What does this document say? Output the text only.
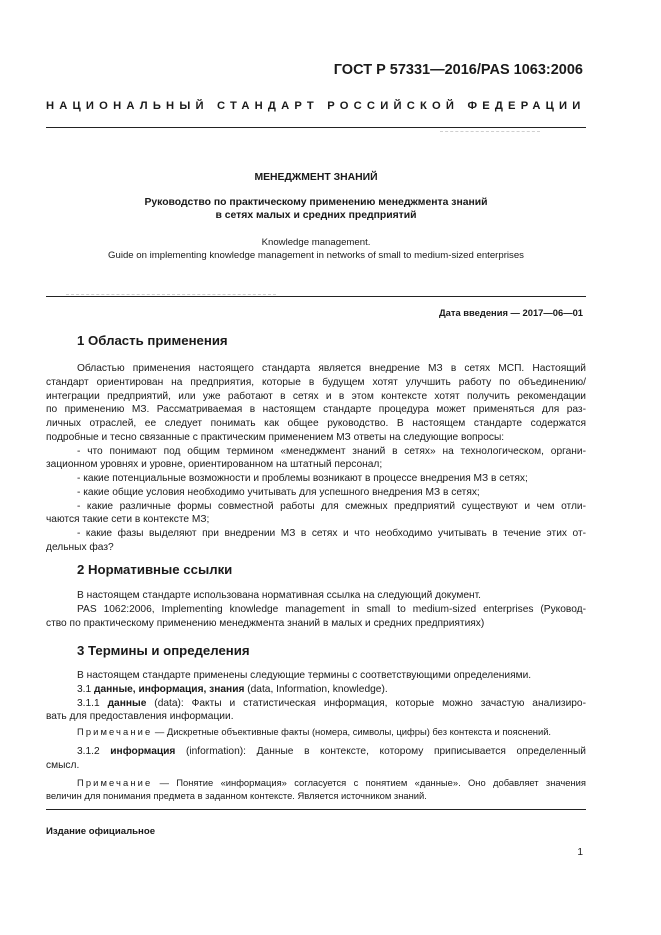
ГОСТ Р 57331—2016/PAS 1063:2006
НАЦИОНАЛЬНЫЙ СТАНДАРТ РОССИЙСКОЙ ФЕДЕРАЦИИ
МЕНЕДЖМЕНТ ЗНАНИЙ
Руководство по практическому применению менеджмента знаний
в сетях малых и средних предприятий
Knowledge management.
Guide on implementing knowledge management in networks of small to medium-sized enterprises
Дата введения — 2017—06—01
1 Область применения
Областью применения настоящего стандарта является внедрение МЗ в сетях МСП. Настоящий
стандарт ориентирован на предприятия, которые в будущем хотят улучшить работу по объединению/
интеграции предприятий, или уже работают в сетях и в этом контексте хотят получить рекомендации
по применению МЗ. Рассматриваемая в настоящем стандарте процедура может применяться для раз-
личных отраслей, ее следует понимать как общее руководство. В настоящем стандарте содержатся
подробные и тесно связанные с практическим применением МЗ ответы на следующие вопросы:
- что понимают под общим термином «менеджмент знаний в сетях» на технологическом, органи-
зационном уровнях и уровне, ориентированном на штатный персонал;
- какие потенциальные возможности и проблемы возникают в процессе внедрения МЗ в сетях;
- какие общие условия необходимо учитывать для успешного внедрения МЗ в сетях;
- какие различные формы совместной работы для смежных предприятий существуют и чем отли-
чаются такие сети в контексте МЗ;
- какие фазы выделяют при внедрении МЗ в сетях и что необходимо учитывать в течение этих от-
дельных фаз?
2 Нормативные ссылки
В настоящем стандарте использована нормативная ссылка на следующий документ.
PAS 1062:2006, Implementing knowledge management in small to medium-sized enterprises (Руковод-
ство по практическому применению менеджмента знаний в малых и средних предприятиях)
3 Термины и определения
В настоящем стандарте применены следующие термины с соответствующими определениями.
3.1 данные, информация, знания (data, Information, knowledge).
3.1.1 данные (data): Факты и статистическая информация, которые можно зачастую анализиро-
вать для предоставления информации.
Примечание — Дискретные объективные факты (номера, символы, цифры) без контекста и пояснений.
3.1.2 информация (information): Данные в контексте, которому приписывается определенный
смысл.
Примечание — Понятие «информация» согласуется с понятием «данные». Оно добавляет значения
величин для понимания предмета в заданном контексте. Является источником знаний.
Издание официальное
1
